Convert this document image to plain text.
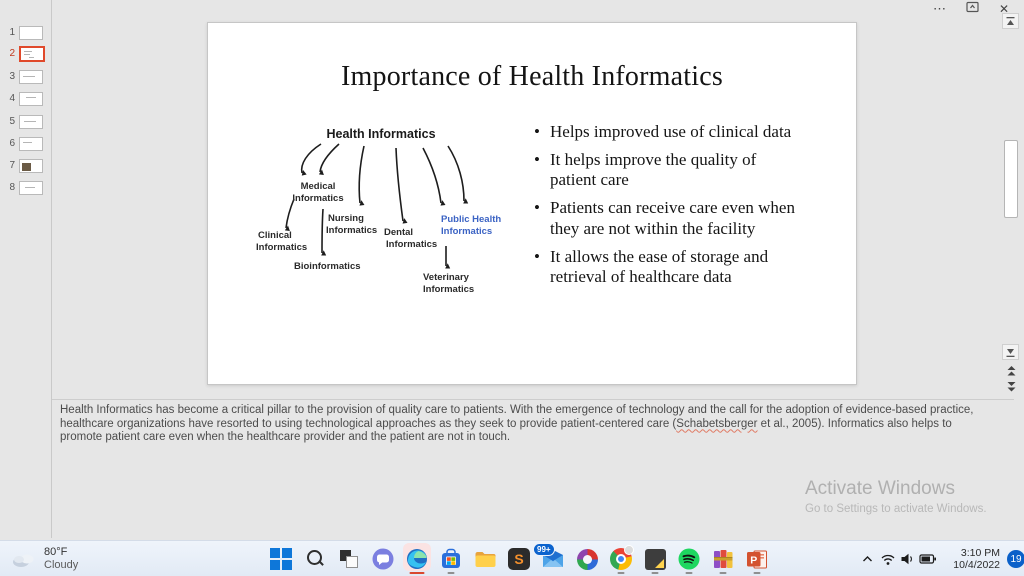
⋯	✕
1
2
3
4
5
6
7
8
Importance of Health Informatics
Health Informatics
Medical
Informatics
Nursing
Informatics
Clinical
Informatics
Bioinformatics
Dental
Informatics
Public Health
Informatics
Veterinary
Informatics
• Helps improved use of clinical data
• It helps improve the quality of patient care
• Patients can receive care even when they are not within the facility
• It allows the ease of storage and retrieval of healthcare data
Health Informatics has become a critical pillar to the provision of quality care to patients. With the emergence of technology and the call for the adoption of evidence-based practice, healthcare organizations have resorted to using technological approaches as they seek to provide patient-centered care (Schabetsberger et al., 2005). Informatics also helps to promote patient care even when the healthcare provider and the patient are not in touch.
Activate Windows
Go to Settings to activate Windows.
80°F
Cloudy	S
99+
P
3:10 PM
10/4/2022	19
